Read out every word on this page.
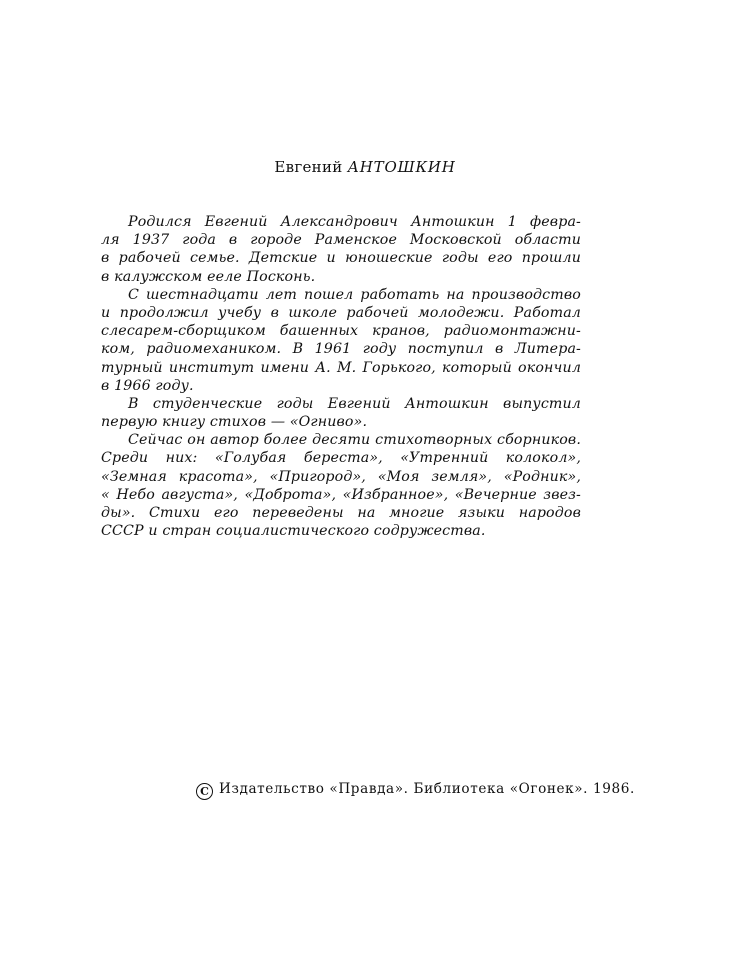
Евгений АНТОШКИН
Родился Евгений Александрович Антошкин 1 февра-
ля 1937 года в городе Раменское Московской области
в рабочей семье. Детские и юношеские годы его прошли
в калужском ееле Посконь.
С шестнадцати лет пошел работать на производство
и продолжил учебу в школе рабочей молодежи. Работал
слесарем-сборщиком башенных кранов, радиомонтажни-
ком, радиомехаником. В 1961 году поступил в Литера-
турный институт имени А. М. Горького, который окончил
в 1966 году.
В студенческие годы Евгений Антошкин выпустил
первую книгу стихов — «Огниво».
Сейчас он автор более десяти стихотворных сборников.
Среди них: «Голубая береста», «Утренний колокол»,
«Земная красота», «Пригород», «Моя земля», «Родник»,
« Небо августа», «Доброта», «Избранное», «Вечерние звез-
ды». Стихи его переведены на многие языки народов
СССР и стран социалистического содружества.
C Издательство «Правда». Библиотека «Огонек». 1986.
